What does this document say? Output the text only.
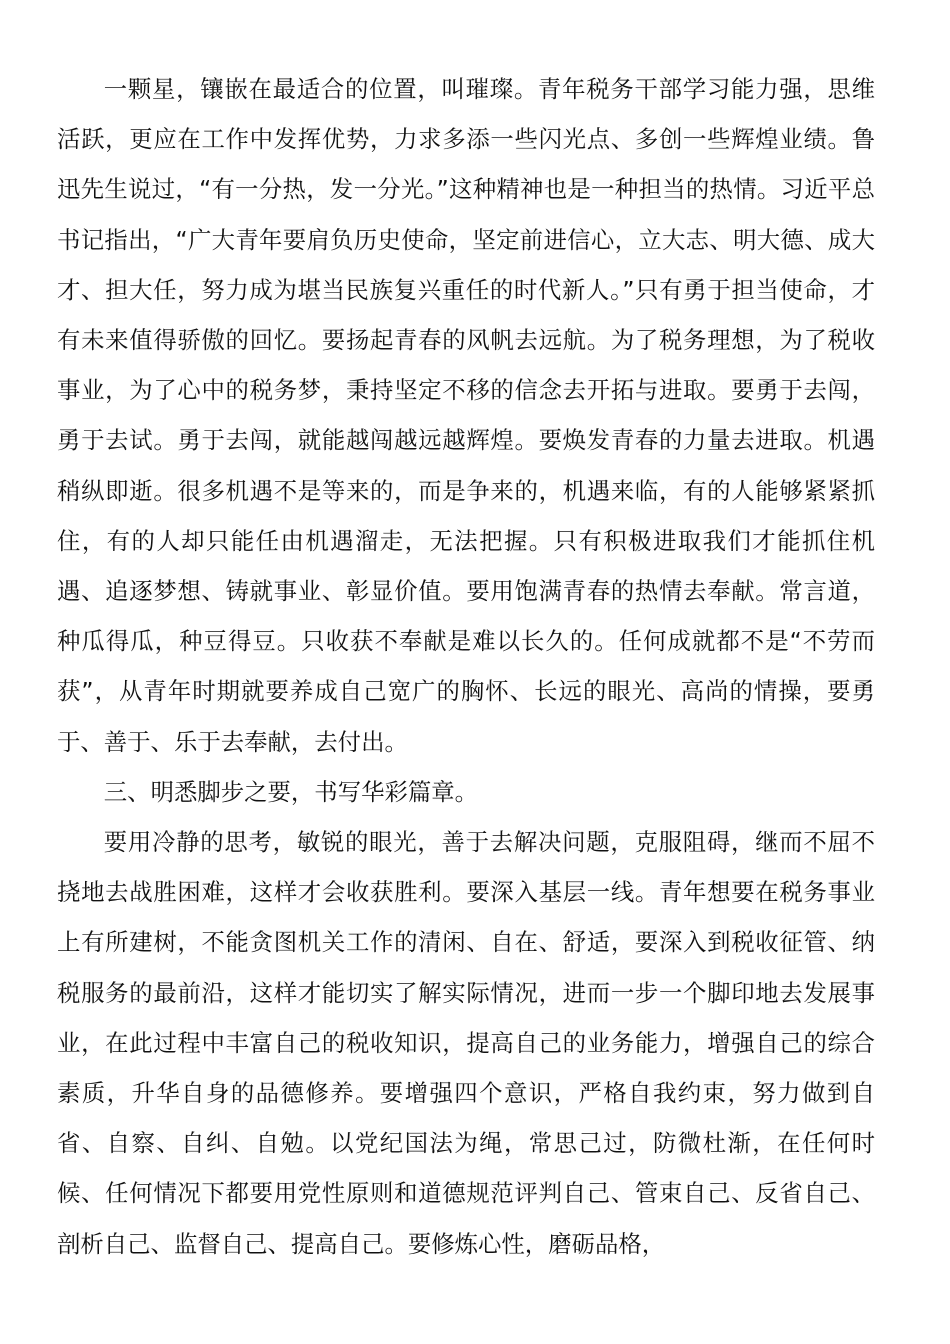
一颗星，镶嵌在最适合的位置，叫璀璨。青年税务干部学习能力强，思维活跃，更应在工作中发挥优势，力求多添一些闪光点、多创一些辉煌业绩。鲁迅先生说过，“有一分热，发一分光。”这种精神也是一种担当的热情。习近平总书记指出，“广大青年要肩负历史使命，坚定前进信心，立大志、明大德、成大才、担大任，努力成为堪当民族复兴重任的时代新人。”只有勇于担当使命，才有未来值得骄傲的回忆。要扬起青春的风帆去远航。为了税务理想，为了税收事业，为了心中的税务梦，秉持坚定不移的信念去开拓与进取。要勇于去闯，勇于去试。勇于去闯，就能越闯越远越辉煌。要焕发青春的力量去进取。机遇稍纵即逝。很多机遇不是等来的，而是争来的，机遇来临，有的人能够紧紧抓住，有的人却只能任由机遇溜走，无法把握。只有积极进取我们才能抓住机遇、追逐梦想、铸就事业、彰显价值。要用饱满青春的热情去奉献。常言道，种瓜得瓜，种豆得豆。只收获不奉献是难以长久的。任何成就都不是“不劳而获”，从青年时期就要养成自己宽广的胸怀、长远的眼光、高尚的情操，要勇于、善于、乐于去奉献，去付出。

三、明悉脚步之要，书写华彩篇章。

要用冷静的思考，敏锐的眼光，善于去解决问题，克服阻碍，继而不屈不挠地去战胜困难，这样才会收获胜利。要深入基层一线。青年想要在税务事业上有所建树，不能贪图机关工作的清闲、自在、舒适，要深入到税收征管、纳税服务的最前沿，这样才能切实了解实际情况，进而一步一个脚印地去发展事业，在此过程中丰富自己的税收知识，提高自己的业务能力，增强自己的综合素质，升华自身的品德修养。要增强四个意识，严格自我约束，努力做到自省、自察、自纠、自勉。以党纪国法为绳，常思己过，防微杜渐，在任何时候、任何情况下都要用党性原则和道德规范评判自己、管束自己、反省自己、剖析自己、监督自己、提高自己。要修炼心性，磨砺品格，
